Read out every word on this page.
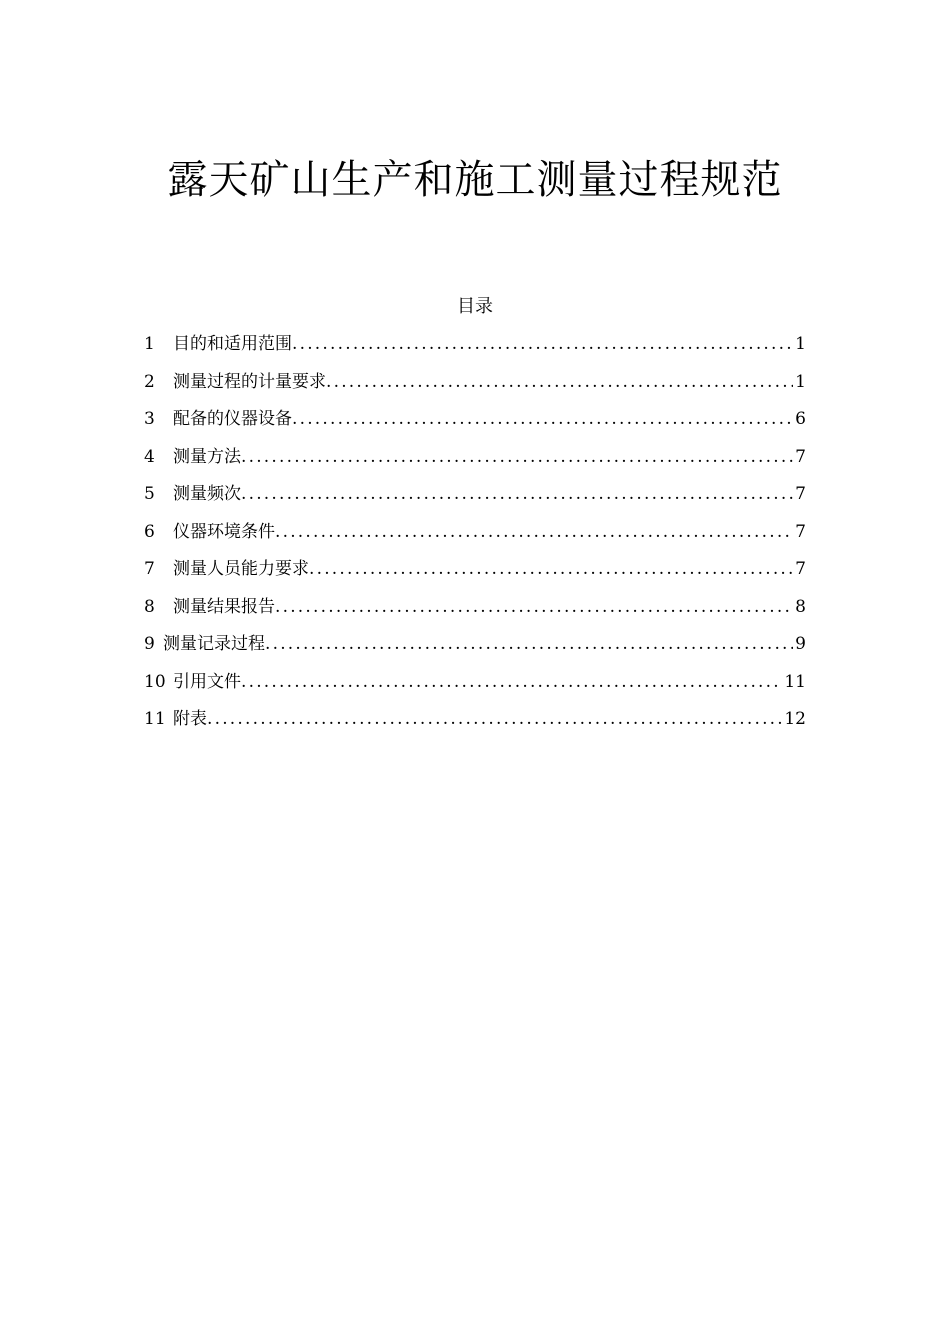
露天矿山生产和施工测量过程规范
目录
1	目的和适用范围 .....	1
2	测量过程的计量要求 .....	1
3	配备的仪器设备 .....	6
4	测量方法 .....	7
5	测量频次 .....	7
6	仪器环境条件 .....	7
7	测量人员能力要求 .....	7
8	测量结果报告 .....	8
9 测量记录过程 .....	9
10 引用文件 .....	11
11 附表 .....	12
